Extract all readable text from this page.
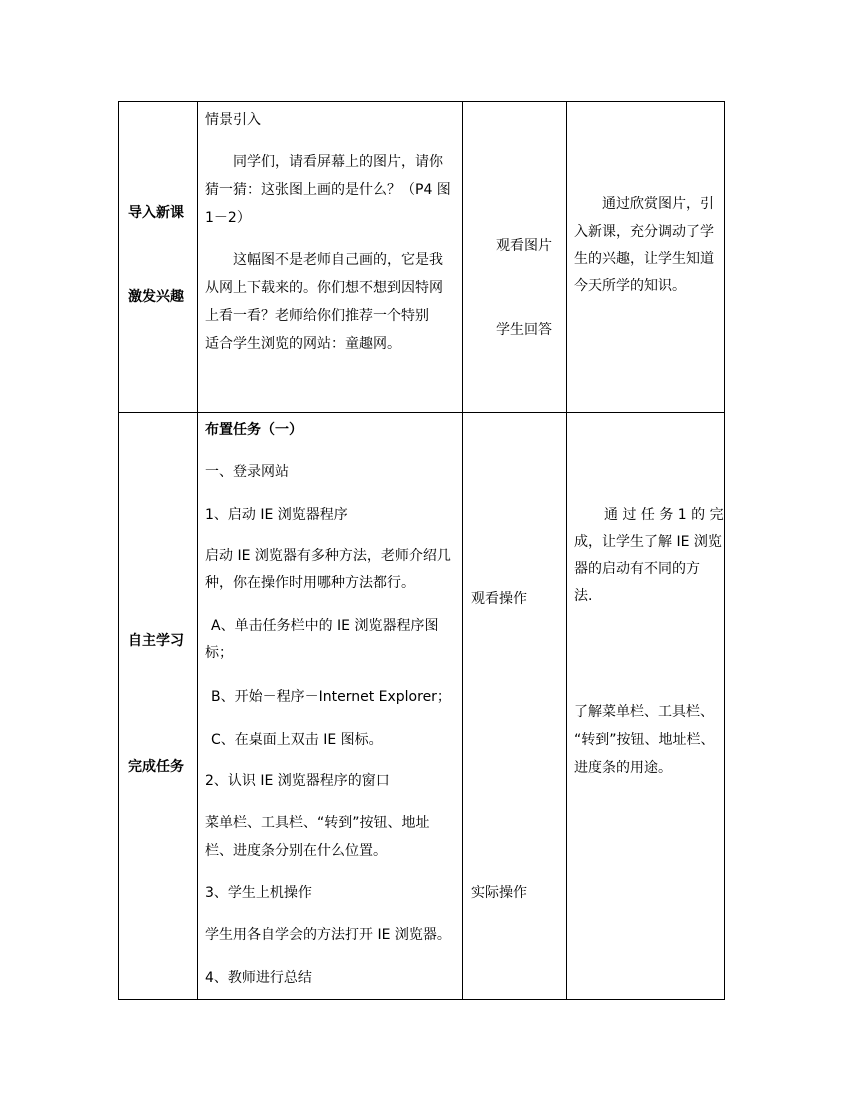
导入新课
激发兴趣
情景引入
同学们，请看屏幕上的图片，请你
猜一猜：这张图上画的是什么？（P4 图
1－2）
这幅图不是老师自己画的，它是我
从网上下载来的。你们想不想到因特网
上看一看？老师给你们推荐一个特别
适合学生浏览的网站：童趣网。
观看图片
学生回答
通过欣赏图片，引
入新课，充分调动了学
生的兴趣，让学生知道
今天所学的知识。
自主学习
完成任务
布置任务（一）
一、登录网站
1、启动 IE 浏览器程序
启动 IE 浏览器有多种方法，老师介绍几
种，你在操作时用哪种方法都行。
A、单击任务栏中的 IE 浏览器程序图
标；
B、开始－程序－Internet Explorer；
C、在桌面上双击 IE 图标。
2、认识 IE 浏览器程序的窗口
菜单栏、工具栏、“转到”按钮、地址
栏、进度条分别在什么位置。
3、学生上机操作
学生用各自学会的方法打开 IE 浏览器。
4、教师进行总结
观看操作
实际操作
通 过 任 务 1 的 完
成，让学生了解 IE 浏览
器的启动有不同的方
法.
了解菜单栏、工具栏、
“转到”按钮、地址栏、
进度条的用途。
